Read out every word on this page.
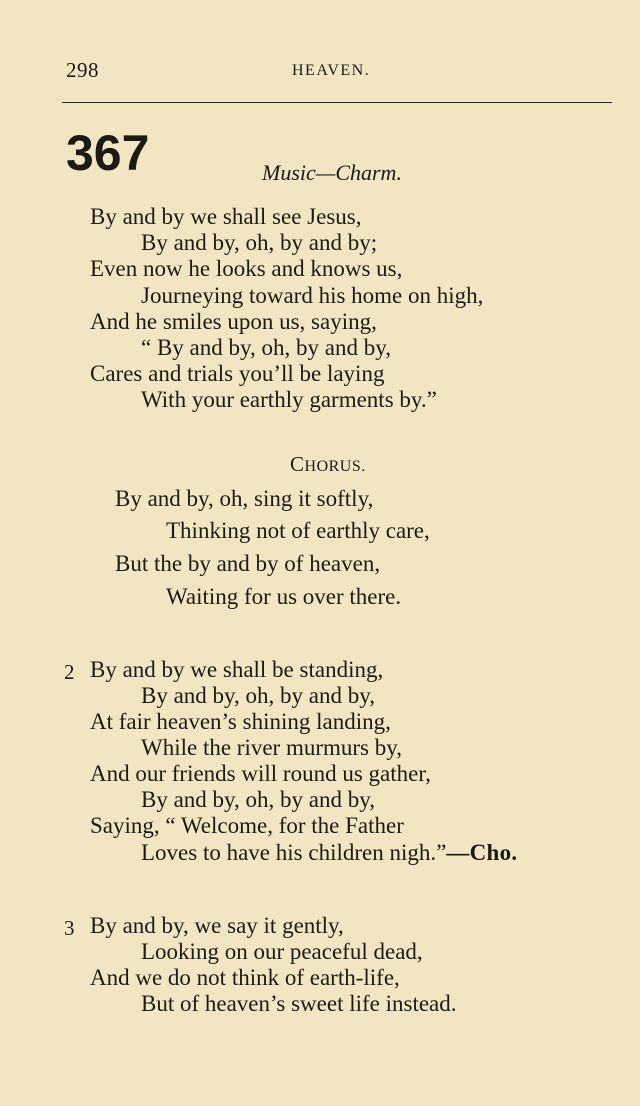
298	HEAVEN.
367	Music—Charm.
By and by we shall see Jesus,
By and by, oh, by and by;
Even now he looks and knows us,
Journeying toward his home on high,
And he smiles upon us, saying,
“ By and by, oh, by and by,
Cares and trials you’ll be laying
With your earthly garments by.”
CHORUS.
By and by, oh, sing it softly,
Thinking not of earthly care,
But the by and by of heaven,
Waiting for us over there.
2 By and by we shall be standing,
By and by, oh, by and by,
At fair heaven’s shining landing,
While the river murmurs by,
And our friends will round us gather,
By and by, oh, by and by,
Saying, “ Welcome, for the Father
Loves to have his children nigh.”—Cho.
3 By and by, we say it gently,
Looking on our peaceful dead,
And we do not think of earth-life,
But of heaven’s sweet life instead.
